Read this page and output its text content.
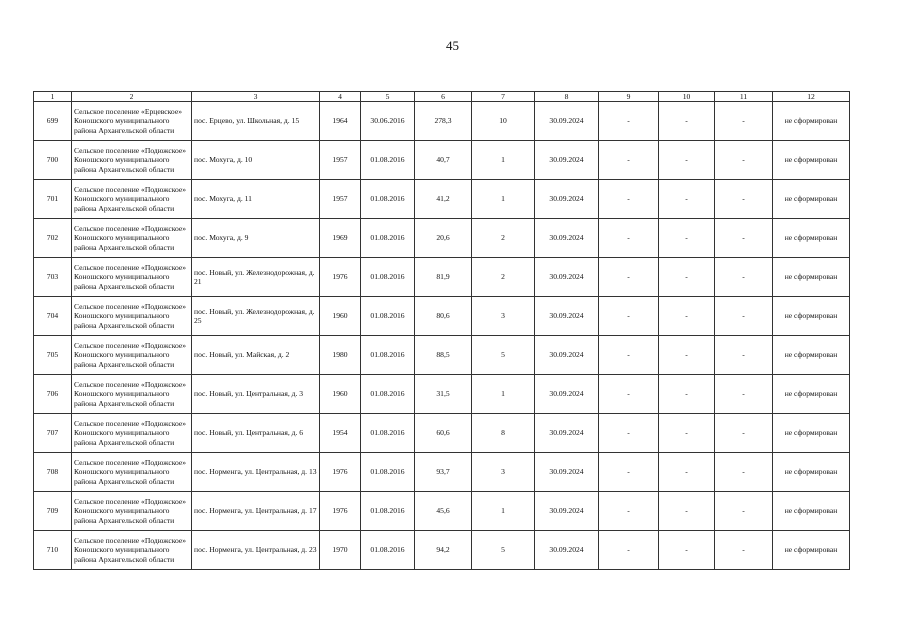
45
1	2	3	4	5	6	7	8	9	10	11	12
699	Сельское поселение «Ерцевское» Коношского муниципального района Архангельской области	пос. Ерцево, ул. Школьная, д. 15	1964	30.06.2016	278,3	10	30.09.2024	-	-	-	не сформирован
700	Сельское поселение «Подюжское» Коношского муниципального района Архангельской области	пос. Мохуга, д. 10	1957	01.08.2016	40,7	1	30.09.2024	-	-	-	не сформирован
701	Сельское поселение «Подюжское» Коношского муниципального района Архангельской области	пос. Мохуга, д. 11	1957	01.08.2016	41,2	1	30.09.2024	-	-	-	не сформирован
702	Сельское поселение «Подюжское» Коношского муниципального района Архангельской области	пос. Мохуга, д. 9	1969	01.08.2016	20,6	2	30.09.2024	-	-	-	не сформирован
703	Сельское поселение «Подюжское» Коношского муниципального района Архангельской области	пос. Новый, ул. Железнодорожная, д. 21	1976	01.08.2016	81,9	2	30.09.2024	-	-	-	не сформирован
704	Сельское поселение «Подюжское» Коношского муниципального района Архангельской области	пос. Новый, ул. Железнодорожная, д. 25	1960	01.08.2016	80,6	3	30.09.2024	-	-	-	не сформирован
705	Сельское поселение «Подюжское» Коношского муниципального района Архангельской области	пос. Новый, ул. Майская, д. 2	1980	01.08.2016	88,5	5	30.09.2024	-	-	-	не сформирован
706	Сельское поселение «Подюжское» Коношского муниципального района Архангельской области	пос. Новый, ул. Центральная, д. 3	1960	01.08.2016	31,5	1	30.09.2024	-	-	-	не сформирован
707	Сельское поселение «Подюжское» Коношского муниципального района Архангельской области	пос. Новый, ул. Центральная, д. 6	1954	01.08.2016	60,6	8	30.09.2024	-	-	-	не сформирован
708	Сельское поселение «Подюжское» Коношского муниципального района Архангельской области	пос. Норменга, ул. Центральная, д. 13	1976	01.08.2016	93,7	3	30.09.2024	-	-	-	не сформирован
709	Сельское поселение «Подюжское» Коношского муниципального района Архангельской области	пос. Норменга, ул. Центральная, д. 17	1976	01.08.2016	45,6	1	30.09.2024	-	-	-	не сформирован
710	Сельское поселение «Подюжское» Коношского муниципального района Архангельской области	пос. Норменга, ул. Центральная, д. 23	1970	01.08.2016	94,2	5	30.09.2024	-	-	-	не сформирован
